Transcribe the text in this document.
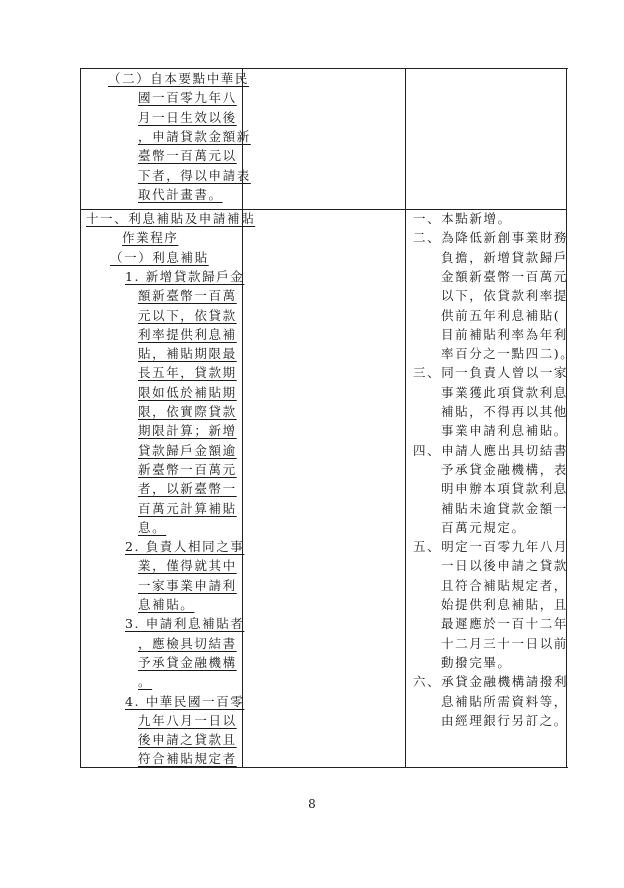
（二）自本要點中華民
國一百零九年八
月一日生效以後
，申請貸款金額新
臺幣一百萬元以
下者，得以申請表
取代計畫書。
十一、利息補貼及申請補貼
作業程序
（一）利息補貼
1. 新增貸款歸戶金
額新臺幣一百萬
元以下，依貸款
利率提供利息補
貼，補貼期限最
長五年，貸款期
限如低於補貼期
限，依實際貸款
期限計算；新增
貸款歸戶金額逾
新臺幣一百萬元
者，以新臺幣一
百萬元計算補貼
息。
2. 負責人相同之事
業，僅得就其中
一家事業申請利
息補貼。
3. 申請利息補貼者
，應檢具切結書
予承貸金融機構
。
4. 中華民國一百零
九年八月一日以
後申請之貸款且
符合補貼規定者
一、本點新增。
二、為降低新創事業財務
負擔，新增貸款歸戶
金額新臺幣一百萬元
以下，依貸款利率提
供前五年利息補貼(
目前補貼利率為年利
率百分之一點四二)。
三、同一負責人曾以一家
事業獲此項貸款利息
補貼，不得再以其他
事業申請利息補貼。
四、申請人應出具切結書
予承貸金融機構，表
明申辦本項貸款利息
補貼未逾貸款金額一
百萬元規定。
五、明定一百零九年八月
一日以後申請之貸款
且符合補貼規定者，
始提供利息補貼，且
最遲應於一百十二年
十二月三十一日以前
動撥完畢。
六、承貸金融機構請撥利
息補貼所需資料等，
由經理銀行另訂之。
8
